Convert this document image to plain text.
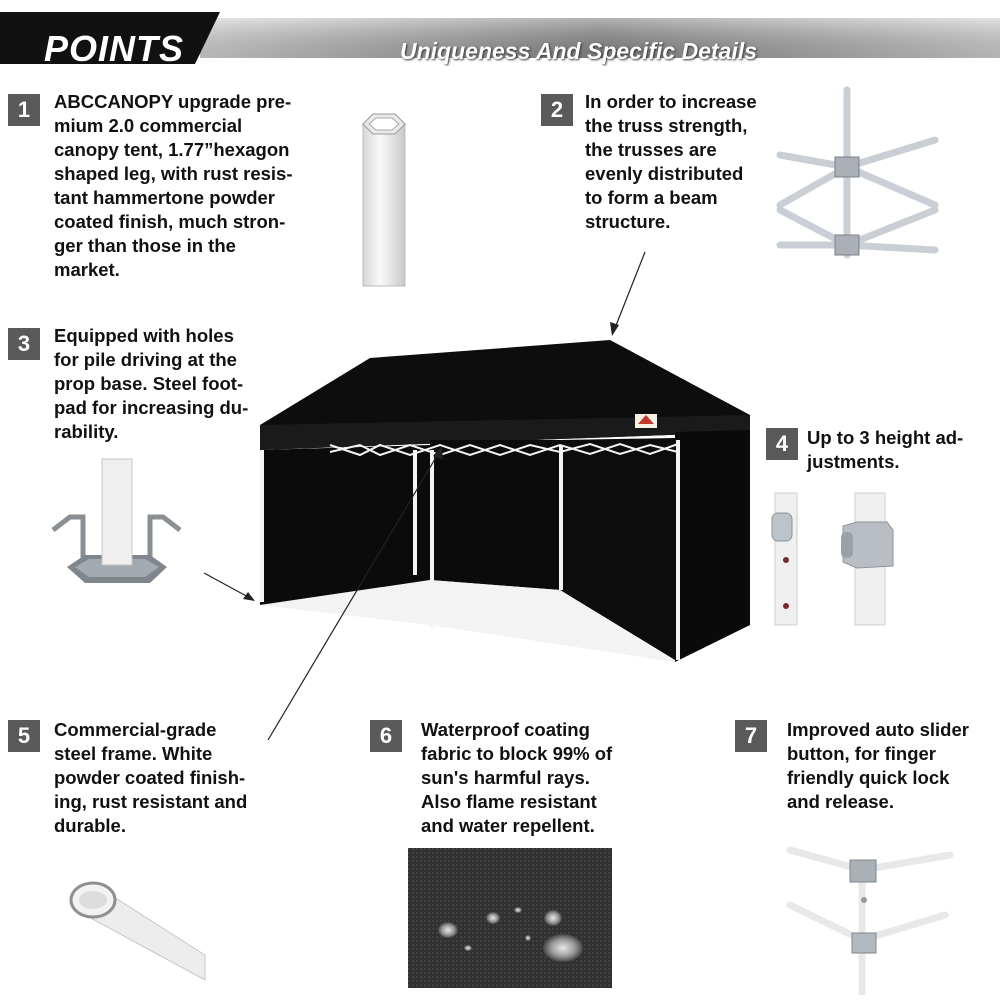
POINTS	Uniqueness And Specific Details
1	ABCCANOPY upgrade pre-
mium 2.0 commercial
canopy tent, 1.77”hexagon
shaped leg, with rust resis-
tant hammertone powder
coated finish, much stron-
ger than those in the
market.
2	In order to increase
the truss strength,
the trusses are
evenly distributed
to form a beam
structure.
3	Equipped with holes
for pile driving at the
prop base. Steel foot-
pad for increasing du-
rability.	4	Up to 3 height ad-
justments.
5	Commercial-grade
steel frame. White
powder coated finish-
ing, rust resistant and
durable.
6	Waterproof coating
fabric to block 99% of
sun's harmful rays.
Also flame resistant
and water repellent.
7	Improved auto slider
button, for finger
friendly quick lock
and release.
